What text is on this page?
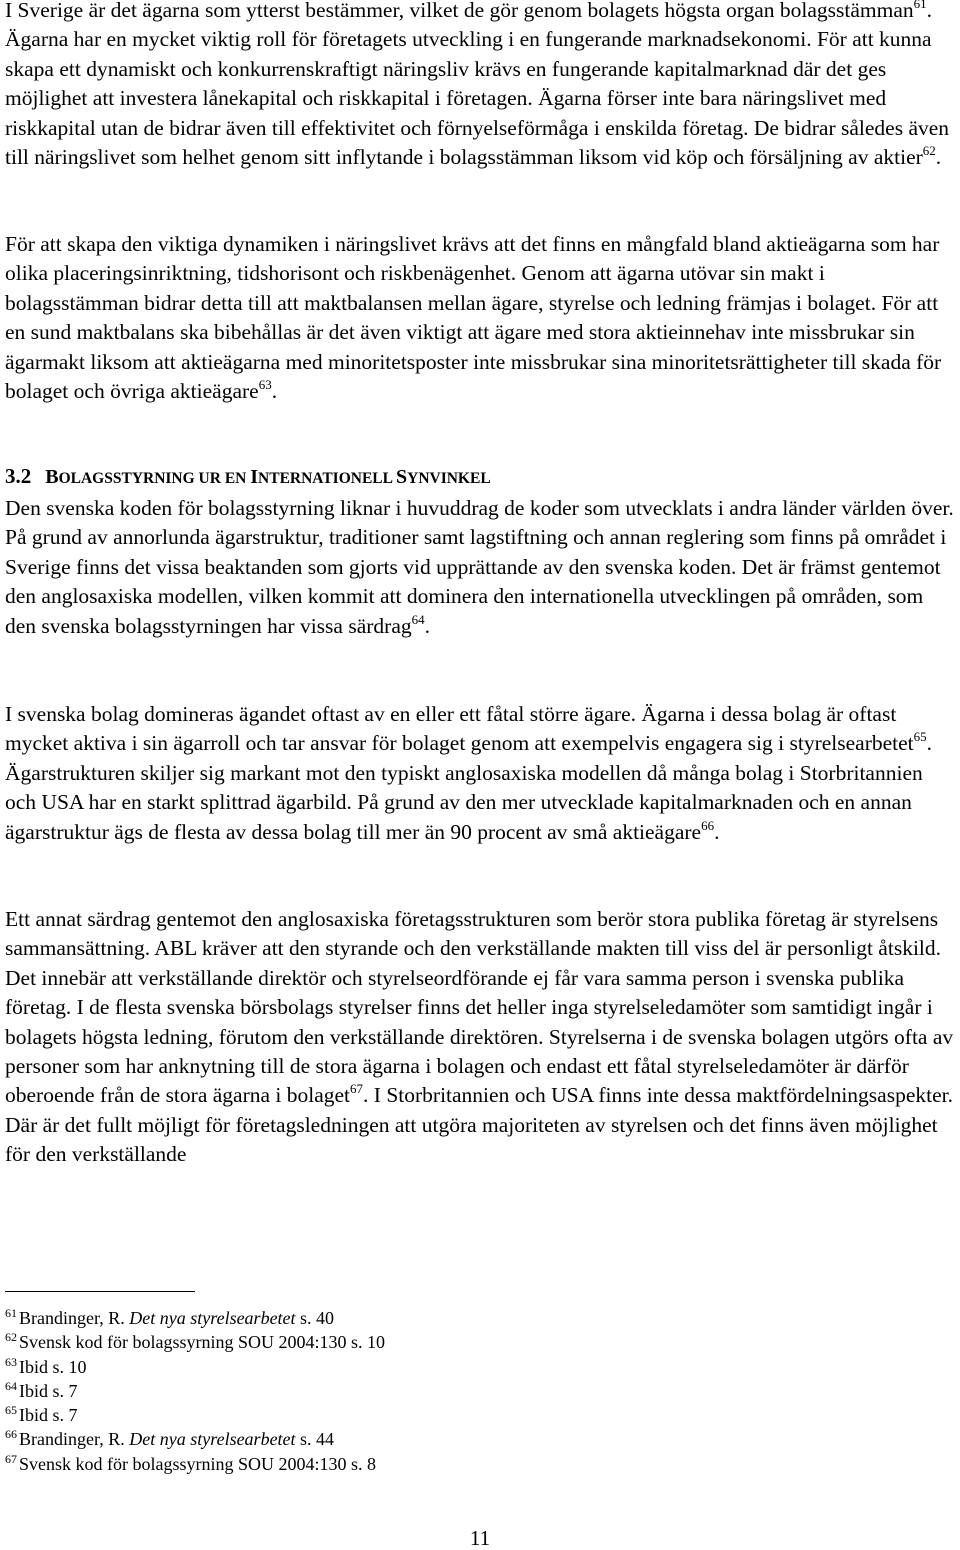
I Sverige är det ägarna som ytterst bestämmer, vilket de gör genom bolagets högsta organ bolagsstämman$^{61}$. Ägarna har en mycket viktig roll för företagets utveckling i en fungerande marknadsekonomi. För att kunna skapa ett dynamiskt och konkurrenskraftigt näringsliv krävs en fungerande kapitalmarknad där det ges möjlighet att investera lånekapital och riskkapital i företagen. Ägarna förser inte bara näringslivet med riskkapital utan de bidrar även till effektivitet och förnyelseförmåga i enskilda företag. De bidrar således även till näringslivet som helhet genom sitt inflytande i bolagsstämman liksom vid köp och försäljning av aktier$^{62}$.

För att skapa den viktiga dynamiken i näringslivet krävs att det finns en mångfald bland aktieägarna som har olika placeringsinriktning, tidshorisont och riskbenägenhet. Genom att ägarna utövar sin makt i bolagsstämman bidrar detta till att maktbalansen mellan ägare, styrelse och ledning främjas i bolaget. För att en sund maktbalans ska bibehållas är det även viktigt att ägare med stora aktieinnehav inte missbrukar sin ägarmakt liksom att aktieägarna med minoritetsposter inte missbrukar sina minoritetsrättigheter till skada för bolaget och övriga aktieägare$^{63}$.

3.2 BOLAGSSTYRNING UR EN INTERNATIONELL SYNVINKEL

Den svenska koden för bolagsstyrning liknar i huvuddrag de koder som utvecklats i andra länder världen över. På grund av annorlunda ägarstruktur, traditioner samt lagstiftning och annan reglering som finns på området i Sverige finns det vissa beaktanden som gjorts vid upprättande av den svenska koden. Det är främst gentemot den anglosaxiska modellen, vilken kommit att dominera den internationella utvecklingen på områden, som den svenska bolagsstyrningen har vissa särdrag$^{64}$.

I svenska bolag domineras ägandet oftast av en eller ett fåtal större ägare. Ägarna i dessa bolag är oftast mycket aktiva i sin ägarroll och tar ansvar för bolaget genom att exempelvis engagera sig i styrelsearbetet$^{65}$. Ägarstrukturen skiljer sig markant mot den typiskt anglosaxiska modellen då många bolag i Storbritannien och USA har en starkt splittrad ägarbild. På grund av den mer utvecklade kapitalmarknaden och en annan ägarstruktur ägs de flesta av dessa bolag till mer än 90 procent av små aktieägare$^{66}$.

Ett annat särdrag gentemot den anglosaxiska företagsstrukturen som berör stora publika företag är styrelsens sammansättning. ABL kräver att den styrande och den verkställande makten till viss del är personligt åtskild. Det innebär att verkställande direktör och styrelseordförande ej får vara samma person i svenska publika företag. I de flesta svenska börsbolags styrelser finns det heller inga styrelseledamöter som samtidigt ingår i bolagets högsta ledning, förutom den verkställande direktören. Styrelserna i de svenska bolagen utgörs ofta av personer som har anknytning till de stora ägarna i bolagen och endast ett fåtal styrelseledamöter är därför oberoende från de stora ägarna i bolaget$^{67}$. I Storbritannien och USA finns inte dessa maktfördelningsaspekter. Där är det fullt möjligt för företagsledningen att utgöra majoriteten av styrelsen och det finns även möjlighet för den verkställande

$^{61}$ Brandinger, R. Det nya styrelsearbetet s. 40
$^{62}$ Svensk kod för bolagssyrning SOU 2004:130 s. 10
$^{63}$ Ibid s. 10
$^{64}$ Ibid s. 7
$^{65}$ Ibid s. 7
$^{66}$ Brandinger, R. Det nya styrelsearbetet s. 44
$^{67}$ Svensk kod för bolagssyrning SOU 2004:130 s. 8
11
